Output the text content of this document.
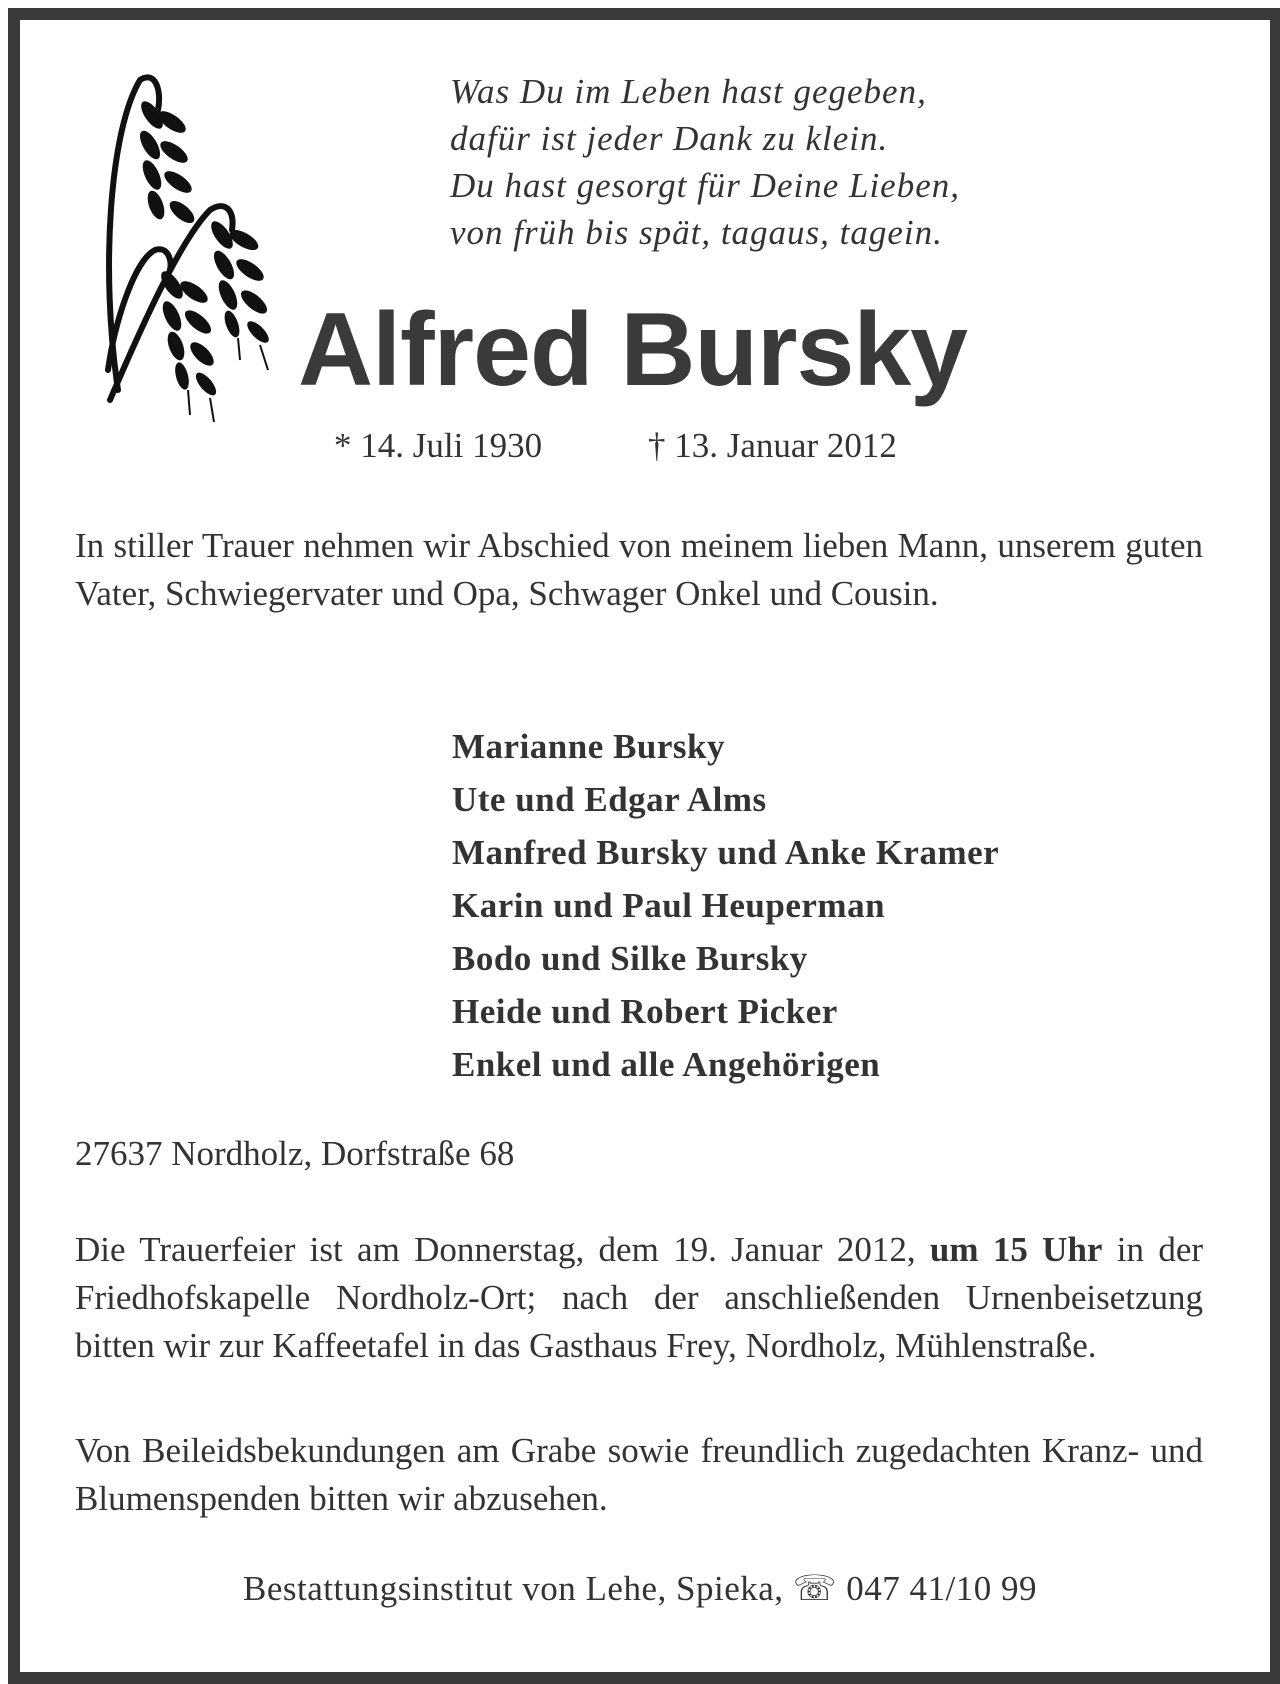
Was Du im Leben hast gegeben,
dafür ist jeder Dank zu klein.
Du hast gesorgt für Deine Lieben,
von früh bis spät, tagaus, tagein.
Alfred Bursky
* 14. Juli 1930	† 13. Januar 2012
In stiller Trauer nehmen wir Abschied von meinem lieben Mann, unserem guten Vater, Schwiegervater und Opa, Schwager Onkel und Cousin.
Marianne Bursky
Ute und Edgar Alms
Manfred Bursky und Anke Kramer
Karin und Paul Heuperman
Bodo und Silke Bursky
Heide und Robert Picker
Enkel und alle Angehörigen
27637 Nordholz, Dorfstraße 68
Die Trauerfeier ist am Donnerstag, dem 19. Januar 2012, um 15 Uhr in der Friedhofskapelle Nordholz-Ort; nach der anschließenden Urnenbeisetzung bitten wir zur Kaffeetafel in das Gasthaus Frey, Nordholz, Mühlenstraße.
Von Beileidsbekundungen am Grabe sowie freundlich zugedachten Kranz- und Blumenspenden bitten wir abzusehen.
Bestattungsinstitut von Lehe, Spieka, ☏ 047 41/10 99
